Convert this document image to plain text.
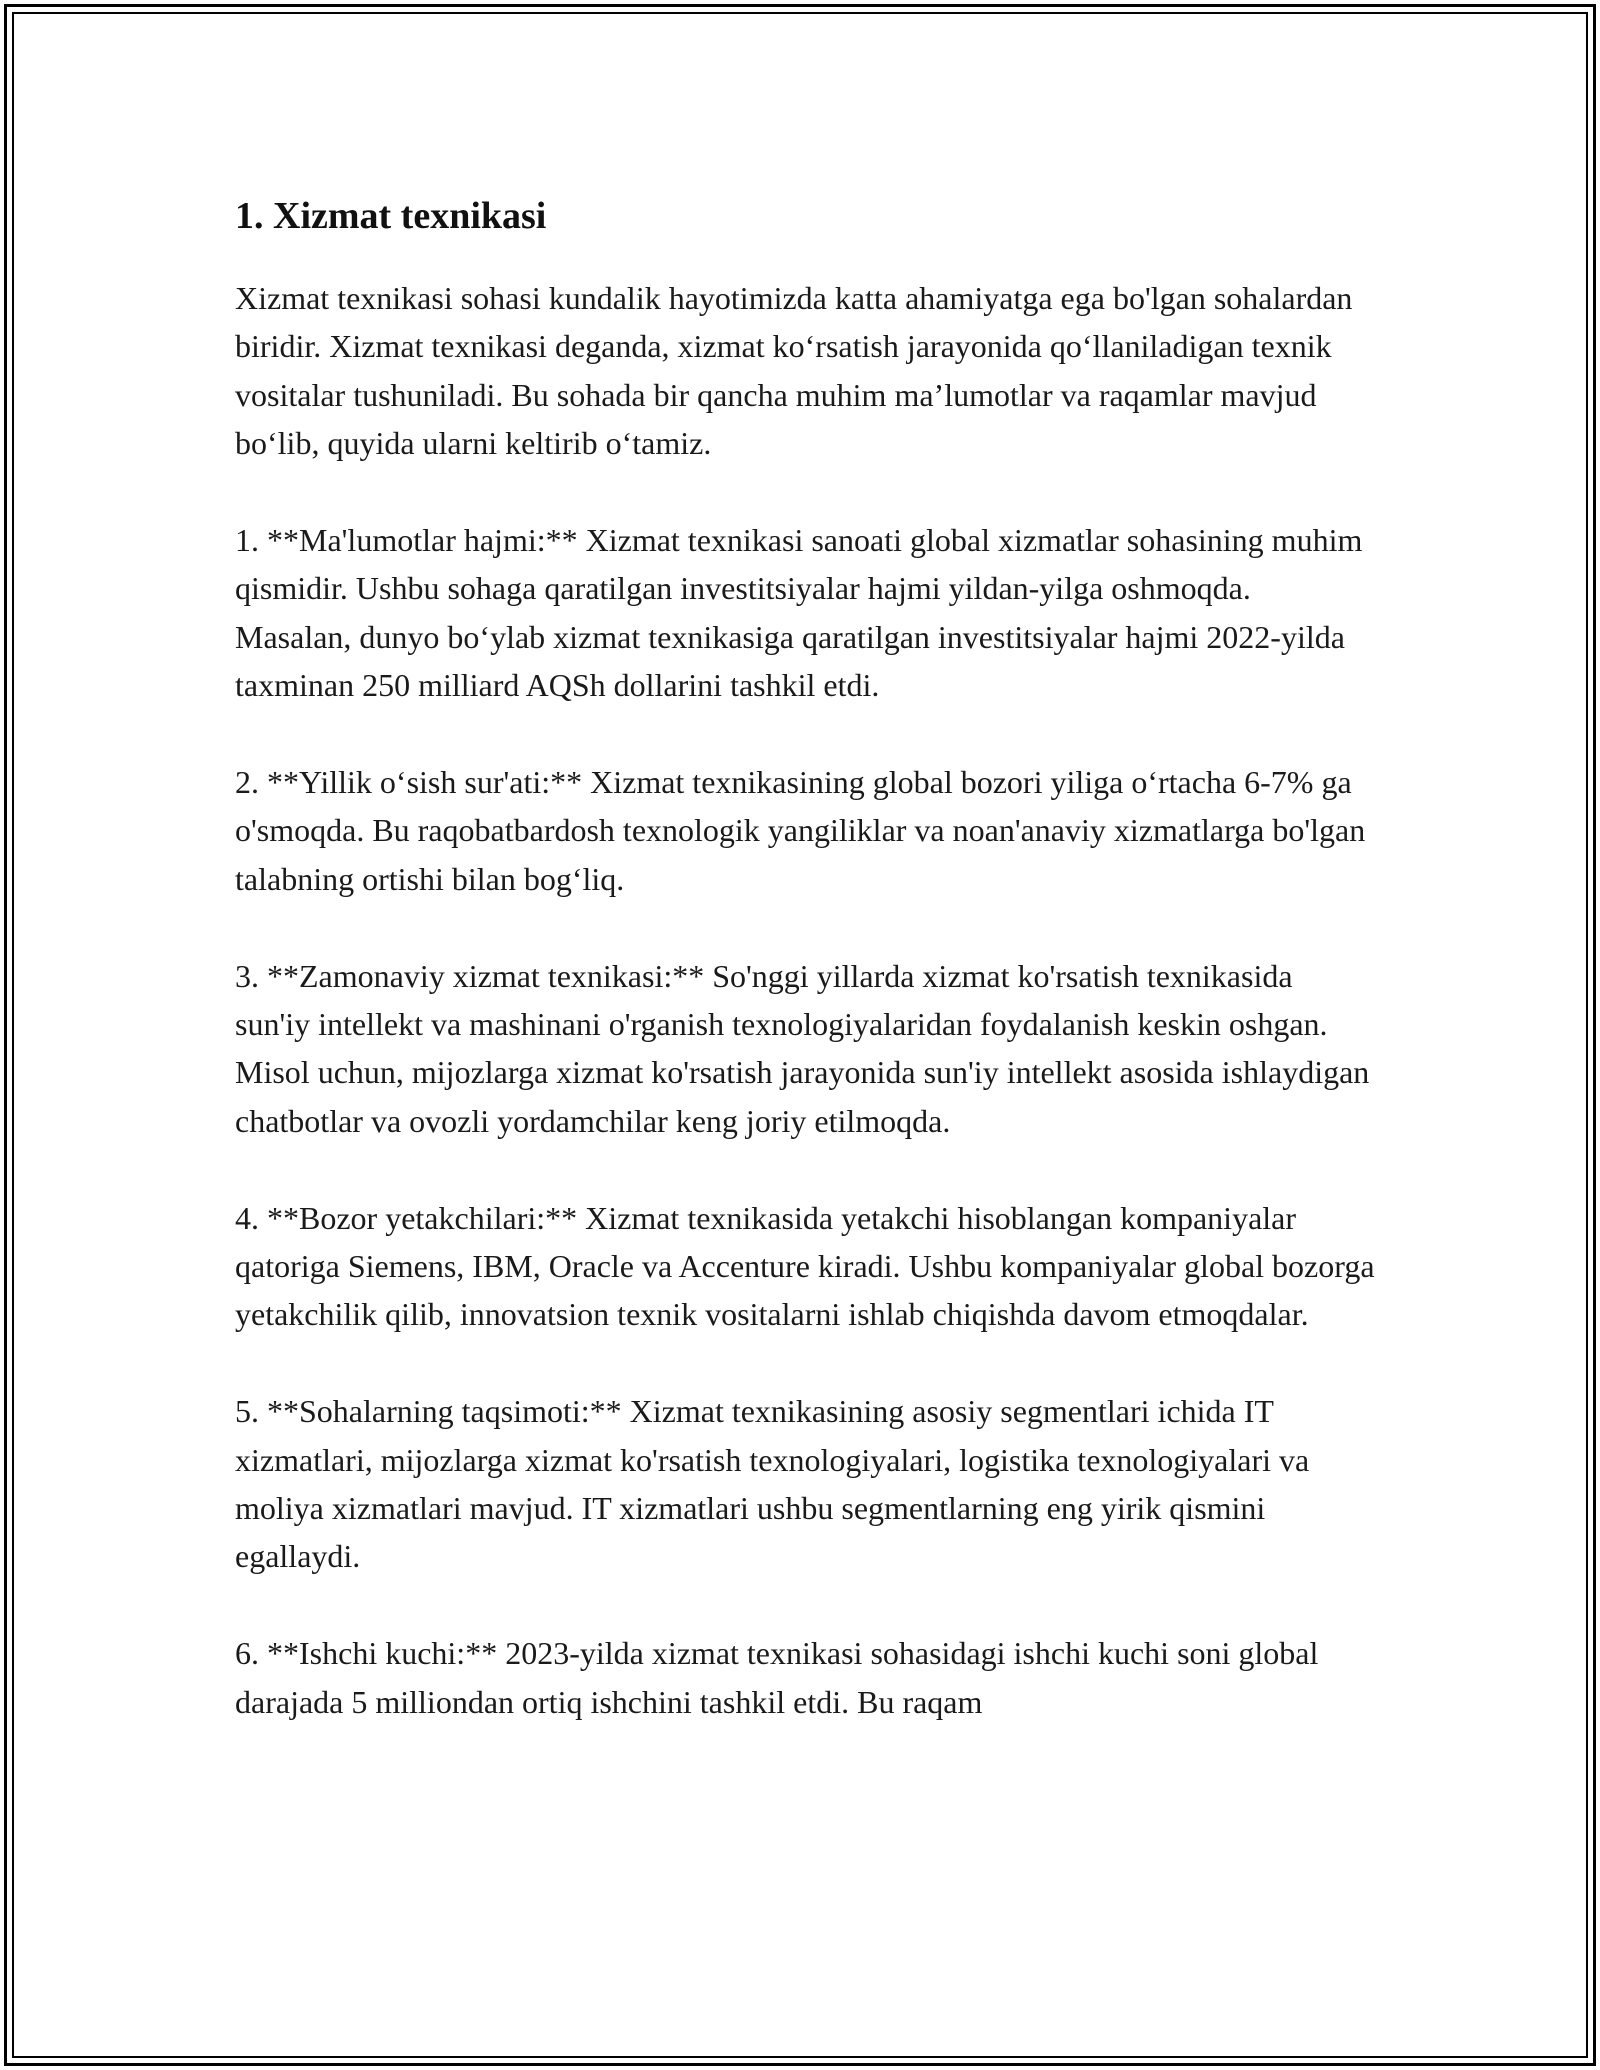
1. Xizmat texnikasi

Xizmat texnikasi sohasi kundalik hayotimizda katta ahamiyatga ega bo'lgan sohalardan biridir. Xizmat texnikasi deganda, xizmat ko‘rsatish jarayonida qo‘llaniladigan texnik vositalar tushuniladi. Bu sohada bir qancha muhim ma’lumotlar va raqamlar mavjud bo‘lib, quyida ularni keltirib o‘tamiz.

1. **Ma'lumotlar hajmi:** Xizmat texnikasi sanoati global xizmatlar sohasining muhim qismidir. Ushbu sohaga qaratilgan investitsiyalar hajmi yildan-yilga oshmoqda. Masalan, dunyo bo‘ylab xizmat texnikasiga qaratilgan investitsiyalar hajmi 2022-yilda taxminan 250 milliard AQSh dollarini tashkil etdi.

2. **Yillik o‘sish sur'ati:** Xizmat texnikasining global bozori yiliga o‘rtacha 6-7% ga o'smoqda. Bu raqobatbardosh texnologik yangiliklar va noan'anaviy xizmatlarga bo'lgan talabning ortishi bilan bog‘liq.

3. **Zamonaviy xizmat texnikasi:** So'nggi yillarda xizmat ko'rsatish texnikasida sun'iy intellekt va mashinani o'rganish texnologiyalaridan foydalanish keskin oshgan. Misol uchun, mijozlarga xizmat ko'rsatish jarayonida sun'iy intellekt asosida ishlaydigan chatbotlar va ovozli yordamchilar keng joriy etilmoqda.

4. **Bozor yetakchilari:** Xizmat texnikasida yetakchi hisoblangan kompaniyalar qatoriga Siemens, IBM, Oracle va Accenture kiradi. Ushbu kompaniyalar global bozorga yetakchilik qilib, innovatsion texnik vositalarni ishlab chiqishda davom etmoqdalar.

5. **Sohalarning taqsimoti:** Xizmat texnikasining asosiy segmentlari ichida IT xizmatlari, mijozlarga xizmat ko'rsatish texnologiyalari, logistika texnologiyalari va moliya xizmatlari mavjud. IT xizmatlari ushbu segmentlarning eng yirik qismini egallaydi.

6. **Ishchi kuchi:** 2023-yilda xizmat texnikasi sohasidagi ishchi kuchi soni global darajada 5 milliondan ortiq ishchini tashkil etdi. Bu raqam
